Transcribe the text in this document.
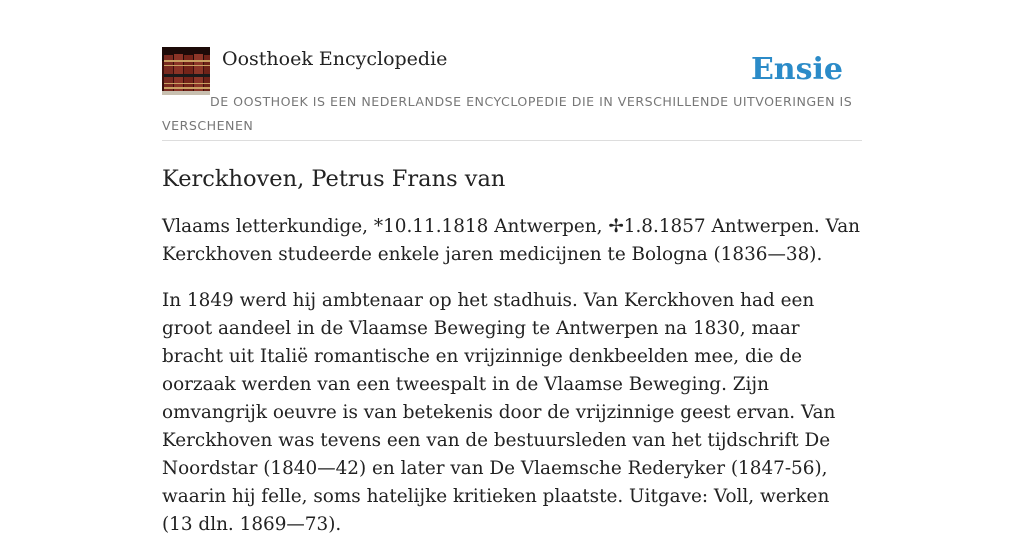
Oosthoek Encyclopedie	Ensie

DE OOSTHOEK IS EEN NEDERLANDSE ENCYCLOPEDIE DIE IN VERSCHILLENDE UITVOERINGEN IS VERSCHENEN

Kerckhoven, Petrus Frans van

Vlaams letterkundige, *10.11.1818 Antwerpen, ✢1.8.1857 Antwerpen. Van Kerckhoven studeerde enkele jaren medicijnen te Bologna (1836—38).

In 1849 werd hij ambtenaar op het stadhuis. Van Kerckhoven had een groot aandeel in de Vlaamse Beweging te Antwerpen na 1830, maar bracht uit Italië romantische en vrijzinnige denkbeelden mee, die de oorzaak werden van een tweespalt in de Vlaamse Beweging. Zijn omvangrijk oeuvre is van betekenis door de vrijzinnige geest ervan. Van Kerckhoven was tevens een van de bestuursleden van het tijdschrift De Noordstar (1840—42) en later van De Vlaemsche Rederyker (1847-56), waarin hij felle, soms hatelijke kritieken plaatste. Uitgave: Voll, werken (13 dln. 1869—73).
